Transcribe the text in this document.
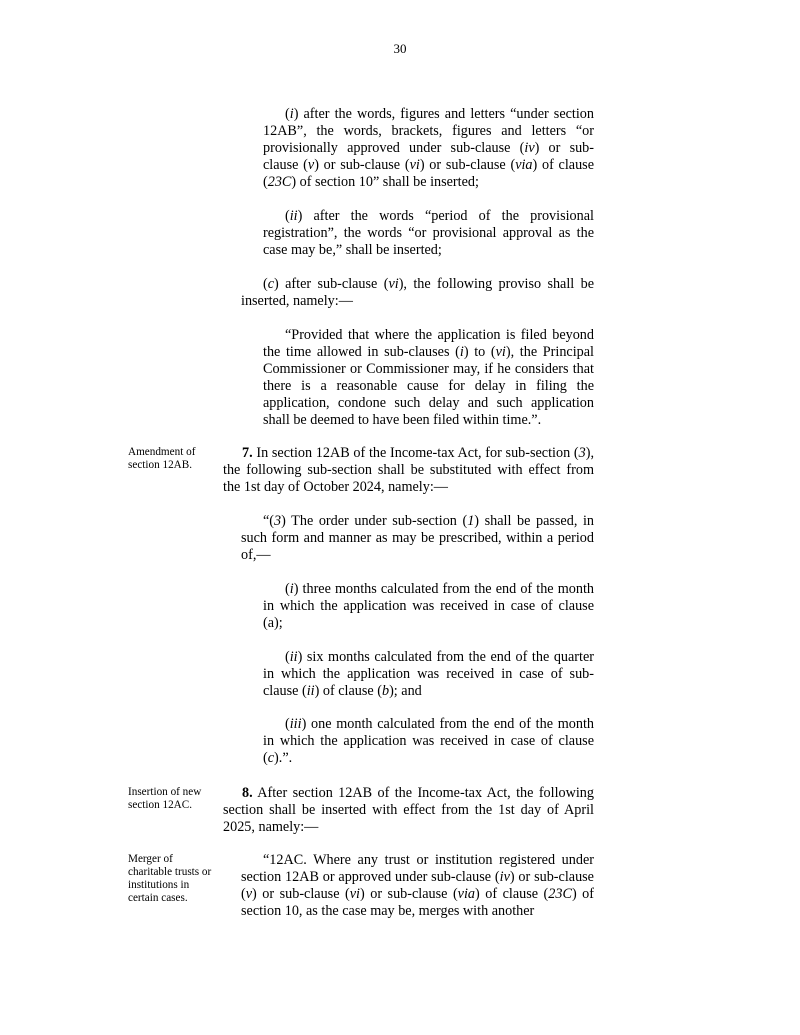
30

(i) after the words, figures and letters “under section 12AB”, the words, brackets, figures and letters “or provisionally approved under sub-clause (iv) or sub-clause (v) or sub-clause (vi) or sub-clause (via) of clause (23C) of section 10” shall be inserted;

(ii) after the words “period of the provisional registration”, the words “or provisional approval as the case may be,” shall be inserted;

(c) after sub-clause (vi), the following proviso shall be inserted, namely:—

“Provided that where the application is filed beyond the time allowed in sub-clauses (i) to (vi), the Principal Commissioner or Commissioner may, if he considers that there is a reasonable cause for delay in filing the application, condone such delay and such application shall be deemed to have been filed within time.”.

Amendment of section 12AB.

7. In section 12AB of the Income-tax Act, for sub-section (3), the following sub-section shall be substituted with effect from the 1st day of October 2024, namely:—

“(3) The order under sub-section (1) shall be passed, in such form and manner as may be prescribed, within a period of,—

(i) three months calculated from the end of the month in which the application was received in case of clause (a);

(ii) six months calculated from the end of the quarter in which the application was received in case of sub-clause (ii) of clause (b); and

(iii) one month calculated from the end of the month in which the application was received in case of clause (c).”.

Insertion of new section 12AC.

8. After section 12AB of the Income-tax Act, the following section shall be inserted with effect from the 1st day of April 2025, namely:—

Merger of charitable trusts or institutions in certain cases.

“12AC. Where any trust or institution registered under section 12AB or approved under sub-clause (iv) or sub-clause (v) or sub-clause (vi) or sub-clause (via) of clause (23C) of section 10, as the case may be, merges with another
